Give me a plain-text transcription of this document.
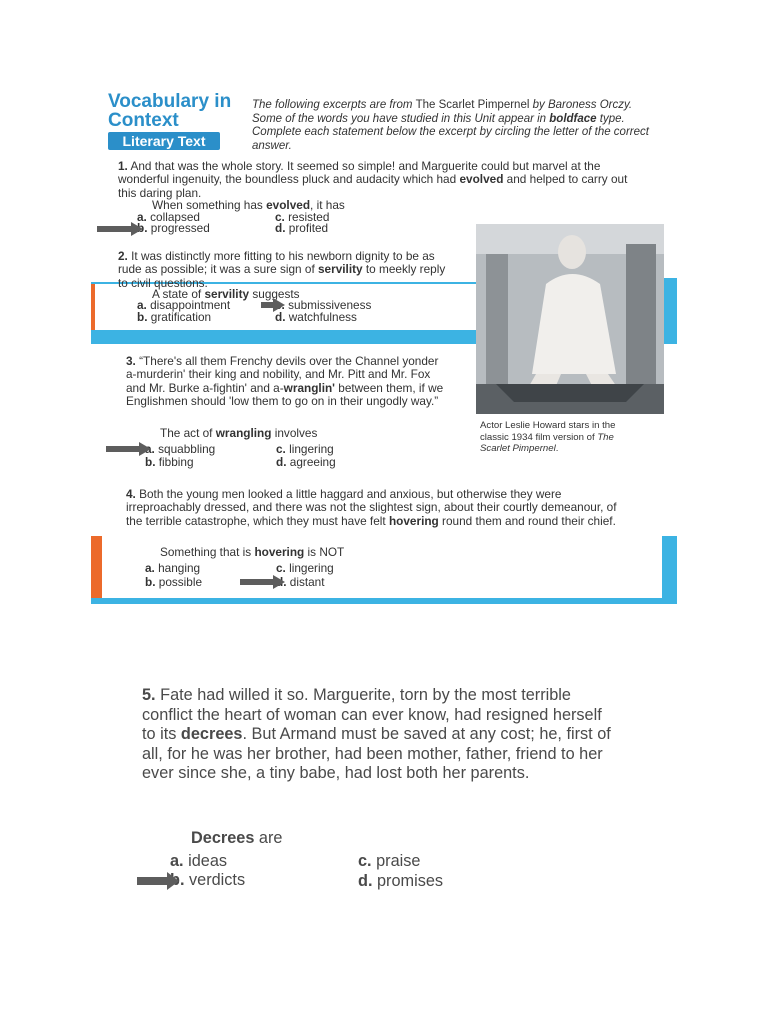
Vocabulary in Context
Literary Text
The following excerpts are from The Scarlet Pimpernel by Baroness Orczy. Some of the words you have studied in this Unit appear in boldface type. Complete each statement below the excerpt by circling the letter of the correct answer.
1. And that was the whole story. It seemed so simple! and Marguerite could but marvel at the wonderful ingenuity, the boundless pluck and audacity which had evolved and helped to carry out this daring plan.
When something has evolved, it has
a. collapsed	c. resisted
b. progressed	d. profited
2. It was distinctly more fitting to his newborn dignity to be as rude as possible; it was a sure sign of servility to meekly reply to civil questions.
A state of servility suggests
a. disappointment	c. submissiveness
b. gratification	d. watchfulness
Actor Leslie Howard stars in the classic 1934 film version of The Scarlet Pimpernel.
3. “There's all them Frenchy devils over the Channel yonder a-murderin' their king and nobility, and Mr. Pitt and Mr. Fox and Mr. Burke a-fightin' and a-wranglin' between them, if we Englishmen should 'low them to go on in their ungodly way.”
The act of wrangling involves
a. squabbling	c. lingering
b. fibbing	d. agreeing
4. Both the young men looked a little haggard and anxious, but otherwise they were irreproachably dressed, and there was not the slightest sign, about their courtly demeanour, of the terrible catastrophe, which they must have felt hovering round them and round their chief.
Something that is hovering is NOT
a. hanging	c. lingering
b. possible	d. distant
5. Fate had willed it so. Marguerite, torn by the most terrible conflict the heart of woman can ever know, had resigned herself to its decrees. But Armand must be saved at any cost; he, first of all, for he was her brother, had been mother, father, friend to her ever since she, a tiny babe, had lost both her parents.
Decrees are
a. ideas	c. praise
b. verdicts	d. promises
